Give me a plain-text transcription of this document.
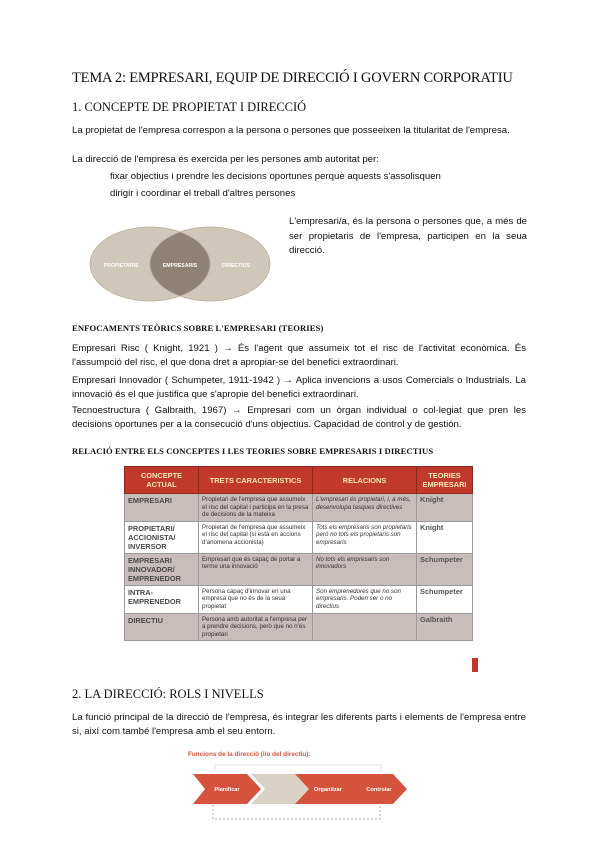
TEMA 2: EMPRESARI, EQUIP DE DIRECCIÓ I GOVERN CORPORATIU
1. CONCEPTE DE PROPIETAT I DIRECCIÓ
La propietat de l'empresa correspon a la persona o persones que posseeixen la titularitat de l'empresa.
La direcció de l'empresa és exercida per les persones amb autoritat per:
fixar objectius i prendre les decisions oportunes perquè aquests s'assolisquen
dirigir i coordinar el treball d'altres persones
PROPIETARIS	EMPRESARIS	DIRECTIUS
L'empresari/a, és la persona o persones que, a més de ser propietaris de l'empresa, participen en la seua direcció.
ENFOCAMENTS TEÒRICS SOBRE L'EMPRESARI (TEORIES)
Empresari Risc ( Knight, 1921 ) → És l'agent que assumeix tot el risc de l'activitat econòmica. És l'assumpció del risc, el que dona dret a apropiar-se del benefici extraordinari.
Empresari Innovador ( Schumpeter, 1911-1942 ) → Aplica invencions a usos Comercials o Industrials. La innovació és el que justifica que s'apropie del benefici extraordinari.
Tecnoestructura ( Galbraith, 1967) → Empresari com un òrgan individual o col·legiat que pren les decisions oportunes per a la consecució d'uns objectius. Capacidad de control y de gestión.
RELACIÓ ENTRE ELS CONCEPTES I LES TEORIES SOBRE EMPRESARIS I DIRECTIUS
CONCEPTE ACTUAL	TRETS CARACTERISTICS	RELACIONS	TEORIES EMPRESARI
EMPRESARI	Propietari de l'empresa que assumeix el risc del capital i participa en la presa de decisions de la mateixa	L'empresari és propietari, i, a més, desenvolupa tasques directives	Knight
PROPIETARI/ ACCIONISTA/ INVERSOR	Propietari de l'empresa que assumeix el risc del capital (si està en accions d'anomena accionista)	Tots els empresaris son propietaris però no tots els propietaris son empresaris	Knight
EMPRESARI INNOVADOR/ EMPRENEDOR	Empresari que és capaç de portar a terme una innovació	No tots els empresaris son innovadors	Schumpeter
INTRA-EMPRENEDOR	Persona capaç d'innovar en una empresa que no és de la seua propietat	Son emprenedores que no son empresaris. Poden ser o no directius	Schumpeter
DIRECTIU	Persona amb autoritat a l'empresa per a prendre decisions, però que no n'és propietari		Galbraith
2. LA DIRECCIÓ: ROLS I NIVELLS
La funció principal de la direcció de l'empresa, és integrar les diferents parts i elements de l'empresa entre si, així com també l'empresa amb el seu entorn.
Funcions de la direcció (i/o del directiu):
Planificar	Organitzar	Controlar
